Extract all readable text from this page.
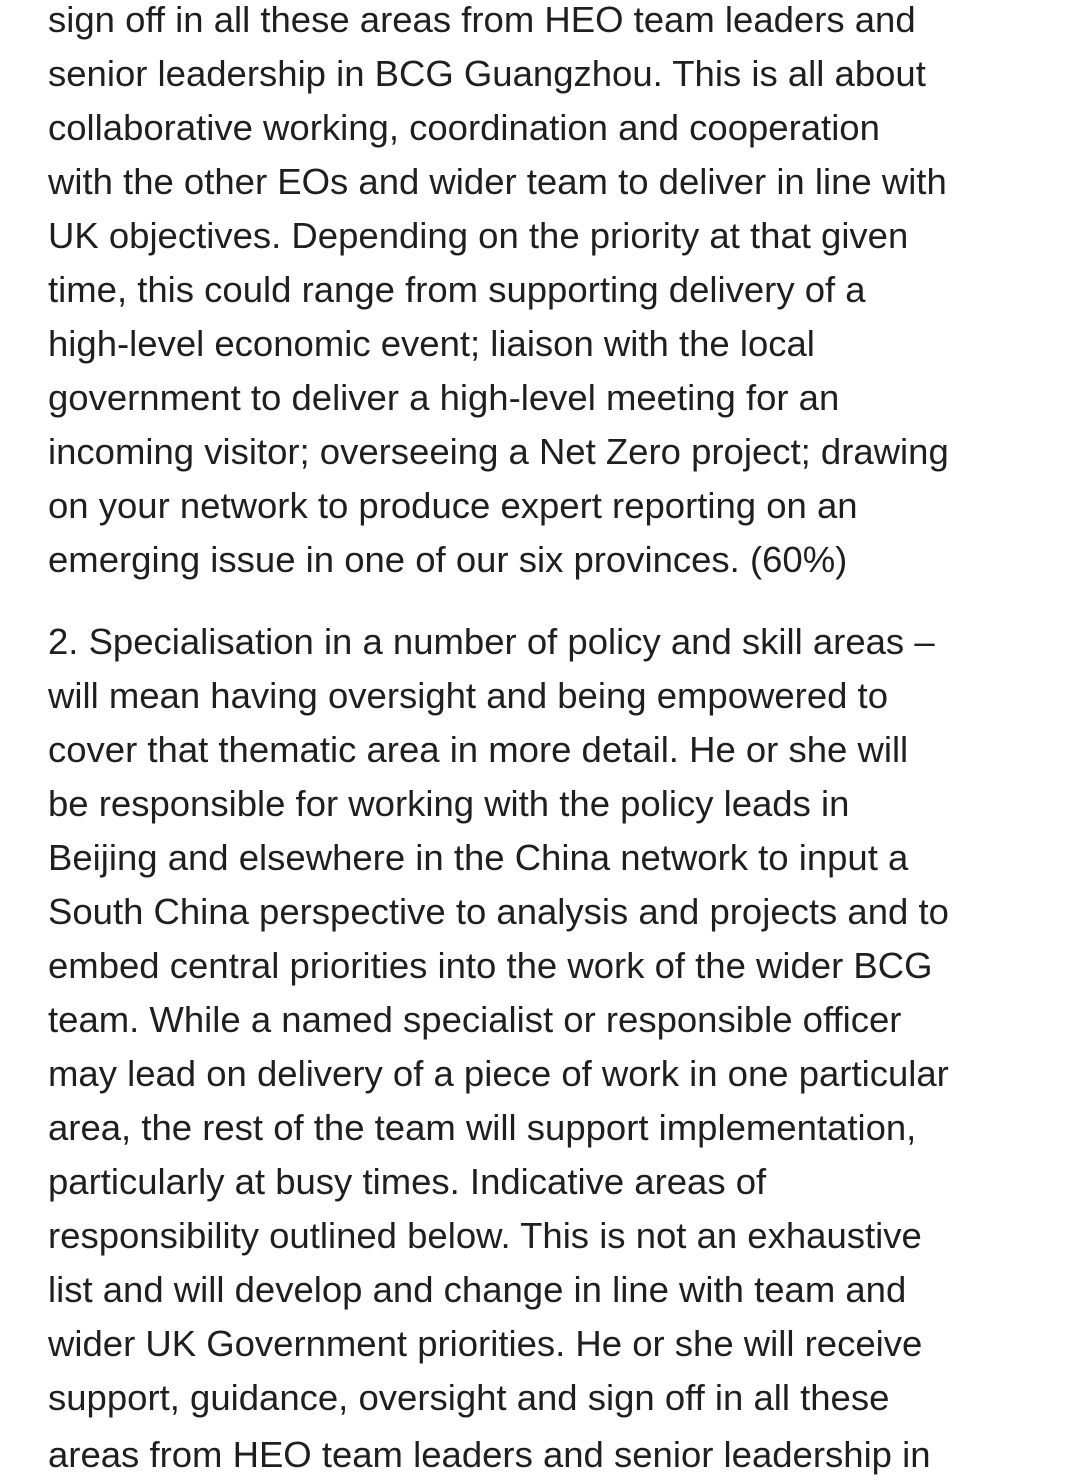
sign off in all these areas from HEO team leaders and
senior leadership in BCG Guangzhou. This is all about
collaborative working, coordination and cooperation
with the other EOs and wider team to deliver in line with
UK objectives. Depending on the priority at that given
time, this could range from supporting delivery of a
high-level economic event; liaison with the local
government to deliver a high-level meeting for an
incoming visitor; overseeing a Net Zero project; drawing
on your network to produce expert reporting on an
emerging issue in one of our six provinces. (60%)
2. Specialisation in a number of policy and skill areas –
will mean having oversight and being empowered to
cover that thematic area in more detail. He or she will
be responsible for working with the policy leads in
Beijing and elsewhere in the China network to input a
South China perspective to analysis and projects and to
embed central priorities into the work of the wider BCG
team. While a named specialist or responsible officer
may lead on delivery of a piece of work in one particular
area, the rest of the team will support implementation,
particularly at busy times. Indicative areas of
responsibility outlined below. This is not an exhaustive
list and will develop and change in line with team and
wider UK Government priorities. He or she will receive
support, guidance, oversight and sign off in all these
areas from HEO team leaders and senior leadership in
